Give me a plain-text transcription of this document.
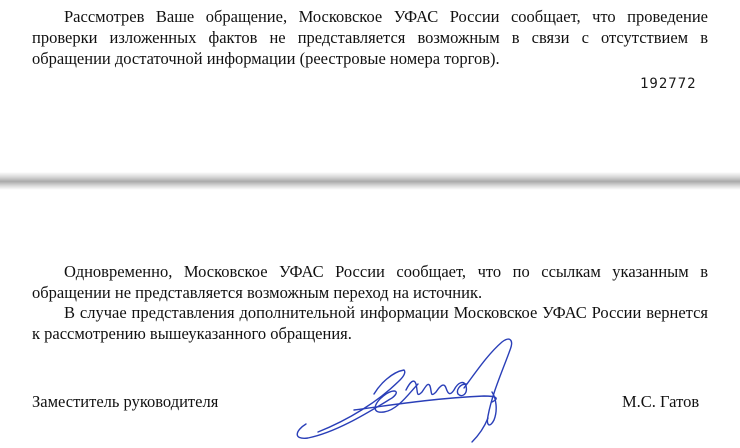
Рассмотрев Ваше обращение, Московское УФАС России сообщает, что проведение проверки изложенных фактов не представляется возможным в связи с отсутствием в обращении достаточной информации (реестровые номера торгов).

192772

Одновременно, Московское УФАС России сообщает, что по ссылкам указанным в обращении не представляется возможным переход на источник.

В случае представления дополнительной информации Московское УФАС России вернется к рассмотрению вышеуказанного обращения.

Заместитель руководителя	М.С. Гатов
